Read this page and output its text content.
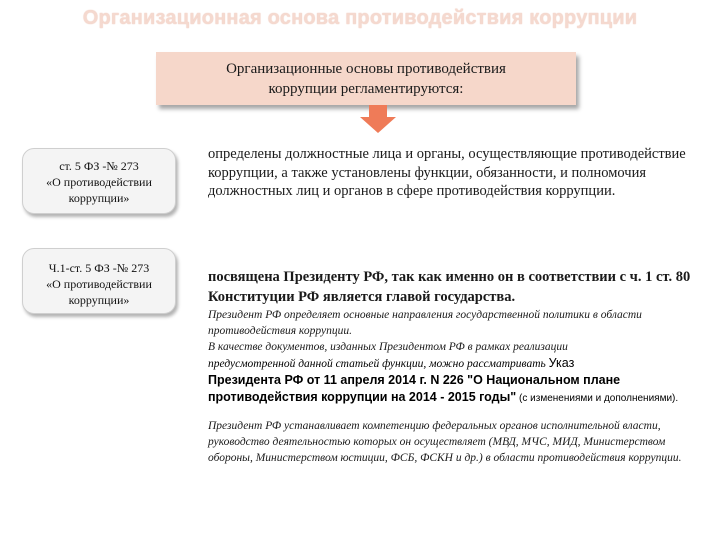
Организационная основа противодействия коррупции
Организационные основы противодействия
коррупции регламентируются:
ст. 5 ФЗ -№ 273
«О противодействии
коррупции»
Ч.1-ст. 5 ФЗ -№ 273
«О противодействии
коррупции»
определены должностные лица и органы, осуществляющие противодействие коррупции, а также установлены функции, обязанности, и полномочия должностных лиц и органов в сфере противодействия коррупции.
посвящена Президенту РФ, так как именно он в соответствии с ч. 1 ст. 80 Конституции РФ является главой государства.
Президент РФ определяет основные направления государственной политики в области противодействия коррупции.
В качестве документов, изданных Президентом РФ в рамках реализации
предусмотренной данной статьей функции, можно рассматривать Указ
Президента РФ от 11 апреля 2014 г. N 226 "О Национальном плане противодействия коррупции на 2014 - 2015 годы" (с изменениями и дополнениями).
Президент РФ устанавливает компетенцию федеральных органов исполнительной власти, руководство деятельностью которых он осуществляет (МВД, МЧС, МИД, Министерством обороны, Министерством юстиции, ФСБ, ФСКН и др.) в области противодействия коррупции.
